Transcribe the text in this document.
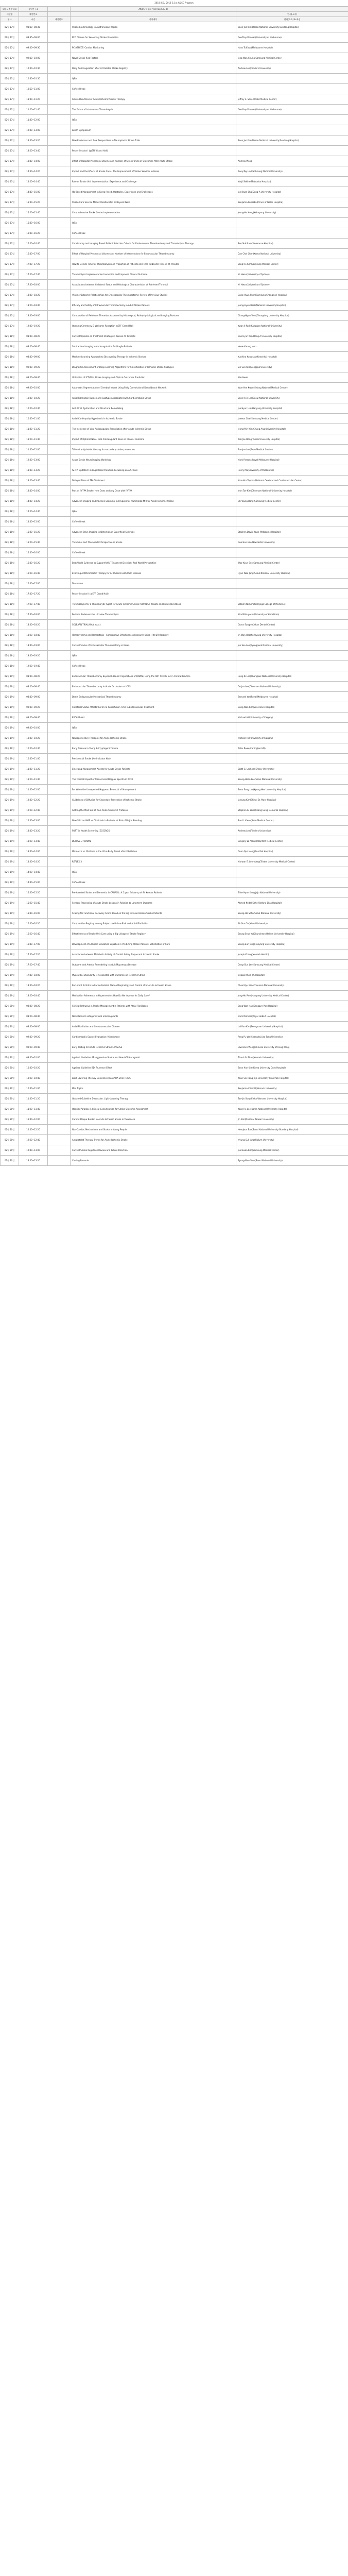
2018 ICSU 2018 & 1st AKJSC Program
대한뇌졸중학회	공동연구소		AKJSC 학술회 사회 Room A~B	
세션명	세션번호			연사(소속)
행사	시간	세션번호	강의제목	연사(소속) & 좌장
02월 17일	08:30~08:35		Stroke Epidemiology in Austronesian Region	Boon Joo Kim(Dasan National University Bundang Hospital)
02월 17일	08:35~09:00		PFO Closure for Secondary Stroke Prevention	Geoffrey Donnan(University of Melbourne)
02월 17일	09:00~09:30		PC-ASPECT: Cardiac Monitoring	Hans Tuffaud(Melbourne Hospital)
02월 17일	09:30~10:00		Novel Stroke Risk Factors	Jong Won Chung(Samsung Medical Center)
02월 17일	10:00~10:30		Daily Anticoagulation after AF Related Stroke Registry	Andrew Lee(Flinders University)
02월 17일	10:30~10:50		Q&A	
02월 17일	10:50~11:00		Coffee Break	
02월 17일	11:00~11:20		Future Directions of Acute Ischemic Stroke Therapy	Jeffrey L. Saver(UCLA Medical Center)
02월 17일	11:20~11:40		The Future of Intravenous Thrombolysis	Geoffrey Donnan(University of Melbourne)
02월 17일	11:40~12:00		Q&A	
02월 17일	12:00~13:00		Lunch Symposium	
02월 17일	13:00~13:20		New Evidences and New Perspectives in Neuroplastic Stroke Trials	Boon Joo Kim(Dasan National University Bundang Hospital)
02월 17일	13:20~13:40		Poster Session I (@EFF Grand Hall)	
02월 17일	13:40~14:00		Effect of Hospital Procedural Volume and Number of Stroke Units on Outcomes After Acute Stroke	Andrew Wong
02월 17일	14:00~14:20		Impact and the Effects of Stroke Care - The Improvement of Stroke Services in Korea	Ruey-Tay Lin(Kaohsiung Medical University)
02월 17일	14:20~14:40		Role of Stroke Unit Implementation: Experience and Challenge	Kenji Sekine(Matsuoka Hospital)
02월 17일	14:40~15:00		Hb-Based Management in Korea: Need, Obstacles, Experience and Challenges	Jae Kwan Cha(Dong-A University Hospital)
02월 17일	15:00~15:20		Stroke Care Service Model: Relationship or Beyond Wish	Benjamin Kessaba(Prince of Wales Hospital)
02월 17일	15:20~15:40		Comprehensive Stroke Center Implementation	Jeong-Ho Hong(Keimyung University)
02월 17일	15:40~16:00		Q&A	
02월 17일	16:00~16:20		Coffee Break	
02월 17일	16:20~16:40		Consistency and Imaging Based Patient Selection Criteria for Endovascular Thrombectomy and Thrombolysis Therapy	Seo Suk Nam(Severance Hospital)
02월 17일	16:40~17:00		Effect of Hospital Procedural Volume and Number of Interventions for Endovascular Thrombectomy	Dan Chol Chen(Korea National University)
02월 17일	17:00~17:20		How to Decide Time for Thrombolysis and Proportion of Patients and Time to Needle Time in 24 Minutes	Sang Ho Kim(Samsung Medical Center)
02월 17일	17:20~17:40		Thrombolysis Implementation Innovation and Improved Clinical Outcome	Mi Hwan(University of Sydney)
02월 17일	17:40~18:00		Associations between Collateral Status and Histological Characteristics of Retrieved Thrombi	Mi Hwan(University of Sydney)
02월 17일	18:00~18:20		Volume-Outcome Relationships for Endovascular Thrombectomy: Review of Previous Studies	Gang-Hyun Shim(Samsung Changwon Hospital)
02월 17일	18:20~18:40		Efficacy and Safety of Intravascular Thrombectomy in Adult Stroke Patients	Jeong-Hyun Baek(National University Hospital)
02월 17일	18:40~19:00		Comparative of Retrieved Thrombus Assessed by Histological, Pathophysiological and Imaging Features	Chang-Hyun Yoon(Chung-Ang University Hospital)
02월 17일	19:00~19:20		Opening Ceremony & Welcome Reception @EFF Grand Hall	Kwan Il Park(Kangwon National University)
02월 18일	08:00~08:20		Current Updates on Treatment Strategy in Korean AF Patients	Dae Hyun Kim(Dong-A University Hospital)
02월 18일	08:20~08:40		Subtraction Imaging in Anticoagulation for Fragile Patients	Heow Kwang Jeon
02월 18일	08:40~09:00		Machine Learning Approach to Discovering Therapy in Ischemic Strokes	Kunihiro Kawasaki(Kenseikai Hospital)
02월 18일	09:00~09:20		Diagnostic Assessment of Deep Learning Algorithms for Classification of Ischemic Stroke Subtypes	Sin Sun Kyo(Dongguk University)
02월 18일	09:20~09:40		Utilization of ICT/AI in Stroke Imaging and Clinical Outcomes Prediction	Kim Heeki
02월 18일	09:40~10:00		Automatic Segmentation of Cerebral Infarct Using Fully Convolutional Deep Neural Network	Yoon-Ihm Kwon(Sejong National Medical Center)
02월 18일	10:00~10:20		Atrial Fibrillation Burden and Subtypes Associated with Cardioembolic Stroke	Seon-Hee Lee(Seoul National University)
02월 18일	10:20~10:40		Left Atrial Dysfunction and Structural Remodeling	Jae Hyun Lim(Hanyang University Hospital)
02월 18일	10:40~11:00		Atrial Cardiopathy Hypothesis in Ischemic Stroke	Jaewon Chai(Samsung Medical Center)
02월 18일	11:00~11:20		The Incidence of Vital Anticoagulant Prescription after Acute Ischemic Stroke	Jeong-Min Kim(Chung-Ang University Hospital)
02월 18일	11:20~11:40		Impact of Optimal Novel Oral Anticoagulant Dose on Clinical Outcome	Kim Jae Dong(Yonsei University Hospital)
02월 18일	11:40~12:00		Tailored antiplatelet therapy for secondary stroke prevention	Eun-jae Lee(Asan Medical Center)
02월 18일	12:00~13:00		Acute Stroke Neuroimaging Workshop	Mark Parsons(Royal Melbourne Hospital)
02월 18일	13:00~13:20		IV-TPA Updated Findings Recent Studies, Focussing on AIS Trials	Henry Ma(University of Melbourne)
02월 18일	13:20~13:40		Delayed Dose of TPA Treatment	Kazuhiro Toyoda(National Cerebral and Cardiovascular Center)
02월 18일	13:40~14:00		Pros vs IV-TPA Stroke: How Does and Any Dose with IV-TPA	Jeon Tae Kim(Chonnam National University Hospital)
02월 18일	14:00~14:20		Advanced Imaging and Machine Learning Techniques for Multimodal MRI for Acute Ischemic Stroke	Oh Young Bang(Samsung Medical Center)
02월 18일	14:20~14:40		Q&A	
02월 18일	14:40~15:00		Coffee Break	
02월 18일	15:00~15:20		Advanced Brain Imaging in Detection of Superficial Siderosis	Stephen Davis(Royal Melbourne Hospital)
02월 18일	15:20~15:40		Thrombus and Therapeutic Perspective in Stroke	Guo Hon Hoe(Newcastle University)
02월 18일	15:40~16:00		Coffee Break	
02월 18일	16:00~16:20		Best World Evidence to Support NVAF Treatment Decision: Real World Perspective	Woo-Keun Seo(Samsung Medical Center)
02월 18일	16:20~16:40		Evolving Antithrombotic Therapy for AF Patients with Multi Disease	Hyun Woo Jung(Seoul National University Hospital)
02월 18일	16:40~17:00		Discussion	
02월 18일	17:00~17:20		Poster Session II (@EFF Grand Hall)	
02월 18일	17:20~17:40		Thrombolysis for a Thrombolytic Agent for Acute Ischemic Stroke: NORTEST Results and Future Directions	Satoshi Nishimoto(Hyogo College of Medicine)
02월 18일	17:40~18:00		Periodic Endeavors for Ultralow Thrombolysis	Kira Mitsuyoshi(University of Hiroshima)
02월 18일	18:00~18:20		SOLEARN TRIAL(WAN et al.)	Grace Sunglee(Nhan Dental Center)
02월 18일	18:20~18:40		Hemodynamic and Hemostasis - Comparative Effectiveness Research Using (HO-DR) Registry	Jin-Won Heo(Keimyung University Hospital)
02월 18일	18:40~19:00		Current Status of Endovascular Thrombectomy in Korea	Jun Seo Lee(Kyungpook National University)
02월 18일	19:00~19:20		Q&A	
02월 18일	19:20~19:40		Coffee Break	
02월 19일	08:00~08:20		Endovascular Thrombectomy beyond 6 Hours: Implications of DAWN / Using the ANT SCORE Inc in Clinical Practice	Hong Ki Lee(Chungbuk National University Hospital)
02월 19일	08:20~08:40		Endovascular Thrombectomy in Acute Occlusion on ICAS	Do Joo Lee(Chonnam National University)
02월 19일	08:40~09:00		Direct Endovascular Mechanical Thrombectomy	Bernard Yan(Royal Melbourne Hospital)
02월 19일	09:00~09:20		Collateral Status Affects the On-To-Reperfusion Time in Endovascular Treatment	Dong-Won Kim(Severance Hospital)
02월 19일	09:20~09:40		EXCAPE-NAI	Michael Hill(University of Calgary)
02월 19일	09:40~10:00		Q&A	
02월 19일	10:00~10:20		Neuroprotective Therapies for Acute Ischemic Stroke	Michael Hill(University of Calgary)
02월 19일	10:20~10:40		Early Disease in Young & Cryptogenic Stroke	Peter Rowe(Carlingten HD)
02월 19일	10:40~11:00		Presidential Stroke (No Indicator Key)	
02월 19일	11:00~11:20		Emerging Management Agents for Acute Stroke Patients	Scott G. Lechner(Emory University)
02월 19일	11:20~11:40		The Clinical Impact of Transcranial Doppler Spectrum 2018	Seung-Hoon Lee(Seoul National University)
02월 19일	11:40~12:00		For When the Unexpected Happens: Essential of Management	Boon Sung Lee(Kyung Hee University Hospital)
02월 19일	12:00~12:20		Guidelines of Diffusion for Secondary Prevention of Ischemic Stroke	Jaejung Kim(Shinal St. Mary Hospital)
02월 19일	12:20~12:40		Getting the Most out of Your Acute Stroke CT Protocols	Stephen G. Lam(Chang Gung Memorial Hospital)
02월 19일	12:40~13:00		New SRU on INAS vs Clonidash in Patients at Risk of Major Bleeding	Sun U. Kwon(Asan Medical Center)
02월 19일	13:00~13:20		FORT in Health Screening (ECSCROS)	Andrew Lee(Flinders University)
02월 19일	13:20~13:40		DEFUSE-3 / DAWN	Gregory W. Albers(Stanford Medical Center)
02월 19일	13:40~14:00		Mismatch vs. Platform in the Ultra-Early Period after Fibrillation	Duan Quo Heng(Sun Pak Hospital)
02월 19일	14:00~14:20		REFLEX 3	Marwan E. Lehmberg(Tristen University Medical Center)
02월 19일	14:20~14:40		Q&A	
02월 19일	14:40~15:00		Coffee Break	
02월 19일	15:00~15:20		Pre-Arrested Stroke and Dementia in CADASIL: A 5 year follow-up of 94 Korean Patients	Eline Hyun Kang(Jeju National University)
02월 19일	15:20~15:40		Sensory Processing of Acute Stroke Lesions in Relation to Long-term Outcome	Ahmed Nedal(Sahe Stefano Elias Hospital)
02월 19일	15:40~16:00		Scaling for Functional Recovery Score Based on the Big Data on Korean Stroke Patients	Seong-Ho Sohn(Seoul National University)
02월 19일	16:00~16:20		Comparative Registry among Subjects with Low Risk and Atrial Fibrillation	Ah Sun Oh(Miami University)
02월 19일	16:20~16:40		Effectiveness of Stroke Unit Care using a Big Linkage of Stroke Registry	Seung Seuk Ko(Chuncheon Hallym University Hospital)
02월 19일	16:40~17:00		Development of a Patient Education Equation in Predicting Stroke Patients' Satisfaction of Care	Seung-Eun Jung(Hanyang University Hospital)
02월 19일	17:00~17:20		Association between Metabolic Activity of Carotid Artery Plaque and Ischemic Stroke	Joseph Khong(Monash Health)
02월 19일	17:20~17:40		Outcome and Arterial Remodeling in Adult Moyamoya Disease	Dong-Gun Lee(Samsung Medical Center)
02월 19일	17:40~18:00		Myocardial Vascularity is Associated with Outcomes of Ischemic Stroke	Jayapal Vasil(JPS Hospital)
02월 19일	18:00~18:20		Recurrent Arthritis Initiation Related Plaque Morphology and Carotid after Acute Ischemic Stroke	Cheol Kyu Kim(Chonnam National University)
02월 19일	18:20~18:40		Medication Adherence in Hypertension: How Do We Improve Its Daily Care?	Jong-Ho Park(Hanyang University Medical Center)
02월 20일	08:00~08:20		Clinical Pathways in Stroke Management in Patients with Atrial Fibrillation	Sang-Won Han(Sanggye Paik Hospital)
02월 20일	08:20~08:40		Nonvitamin K antagonist oral anticoagulants	Mark Mothers(Royal Hobart Hospital)
02월 20일	08:40~09:00		Atrial Fibrillation and Cerebrovascular Disease	Lai Ran Kim(Seongnam University Hospital)
02월 20일	09:00~09:20		Cardioembolic Source Evaluation: Mixedphase	Peng Pu Wei(Shanghai Jiao Tong University)
02월 20일	09:20~09:40		Early Testing for Acute Ischemic Stroke: ANGUSS	Lawrence Wong(Chinese University of Hong Kong)
02월 20일	09:40~10:00		Against: Guideline AF: Aggressive Stroke and New ADP Antagonist	Thanh G. Phan(Monash University)
02월 20일	10:00~10:20		Against: Guideline BD: Prudence Effect	Boon Hun Kim(Korea University Guro Hospital)
02월 20일	10:20~10:40		Lipid Lowering Therapy Guidelines (ACC/AHA 2017): AGS	Keun-Sik Hong(Inje University Ilsan Paik Hospital)
02월 20일	10:40~11:00		Mini Topics	Benjamin Clissold(Monash University)
02월 20일	11:00~11:20		Updated Guideline Discussion: Lipid-Lowering Therapy	Tae-Jin Song(Ewha Womans University Hospital)
02월 20일	11:20~11:40		Obesity Paradox in Clinical Consideration for Stroke Outcome Assessment	Koon Ho Lee(Korea National University Hospital)
02월 20일	11:40~12:00		Carotid Plaque Burden in Acute Ischemic Stroke in Taiwanese	Jin Kim(National Taiwan University)
02월 20일	12:00~12:20		Non-Cardiac Mechanisms and Stroke in Young People	Hee-Joon Bae(Seoul National University Bundang Hospital)
02월 20일	12:20~12:40		Antiplatelet Therapy Trends for Acute Ischemic Stroke	Myung Suk Jang(Hallym University)
02월 20일	12:40~13:00		Current Stroke Registries Review and Future Direction	Jae Hwan Kim(Samsung Medical Center)
02월 20일	13:00~13:20		Closing Remarks	Byung-Woo Yoon(Seoul National University)
